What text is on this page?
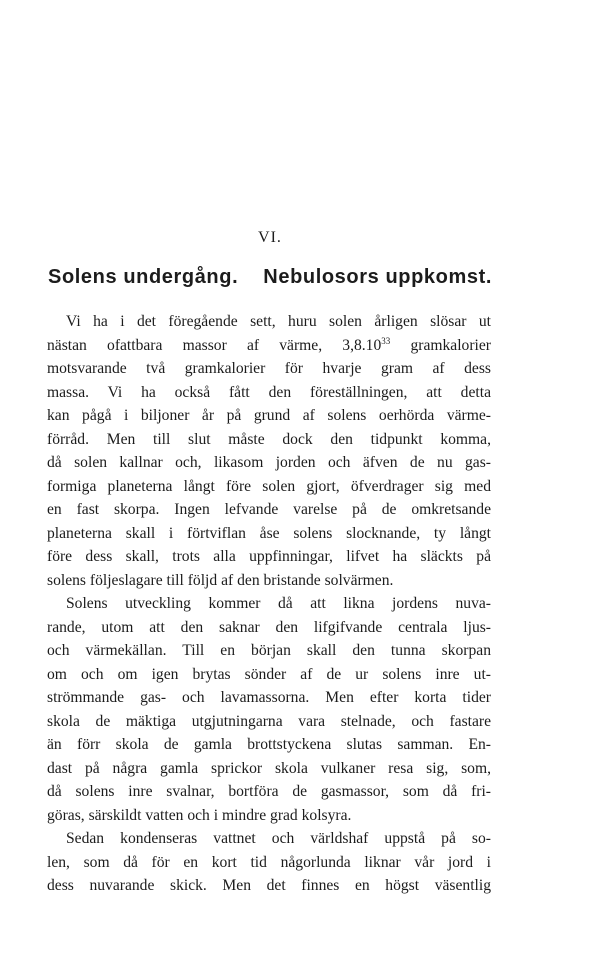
VI.
Solens undergång. Nebulosors uppkomst.
Vi ha i det föregående sett, huru solen årligen slösar ut
nästan ofattbara massor af värme, 3,8.10$^{33}$ gramkalorier
motsvarande två gramkalorier för hvarje gram af dess
massa. Vi ha också fått den föreställningen, att detta
kan pågå i biljoner år på grund af solens oerhörda värme-
förråd. Men till slut måste dock den tidpunkt komma,
då solen kallnar och, likasom jorden och äfven de nu gas-
formiga planeterna långt före solen gjort, öfverdrager sig med
en fast skorpa. Ingen lefvande varelse på de omkretsande
planeterna skall i förtviflan åse solens slocknande, ty långt
före dess skall, trots alla uppfinningar, lifvet ha släckts på
solens följeslagare till följd af den bristande solvärmen.
Solens utveckling kommer då att likna jordens nuva-
rande, utom att den saknar den lifgifvande centrala ljus-
och värmekällan. Till en början skall den tunna skorpan
om och om igen brytas sönder af de ur solens inre ut-
strömmande gas- och lavamassorna. Men efter korta tider
skola de mäktiga utgjutningarna vara stelnade, och fastare
än förr skola de gamla brottstyckena slutas samman. En-
dast på några gamla sprickor skola vulkaner resa sig, som,
då solens inre svalnar, bortföra de gasmassor, som då fri-
göras, särskildt vatten och i mindre grad kolsyra.
Sedan kondenseras vattnet och världshaf uppstå på so-
len, som då för en kort tid någorlunda liknar vår jord i
dess nuvarande skick. Men det finnes en högst väsentlig
